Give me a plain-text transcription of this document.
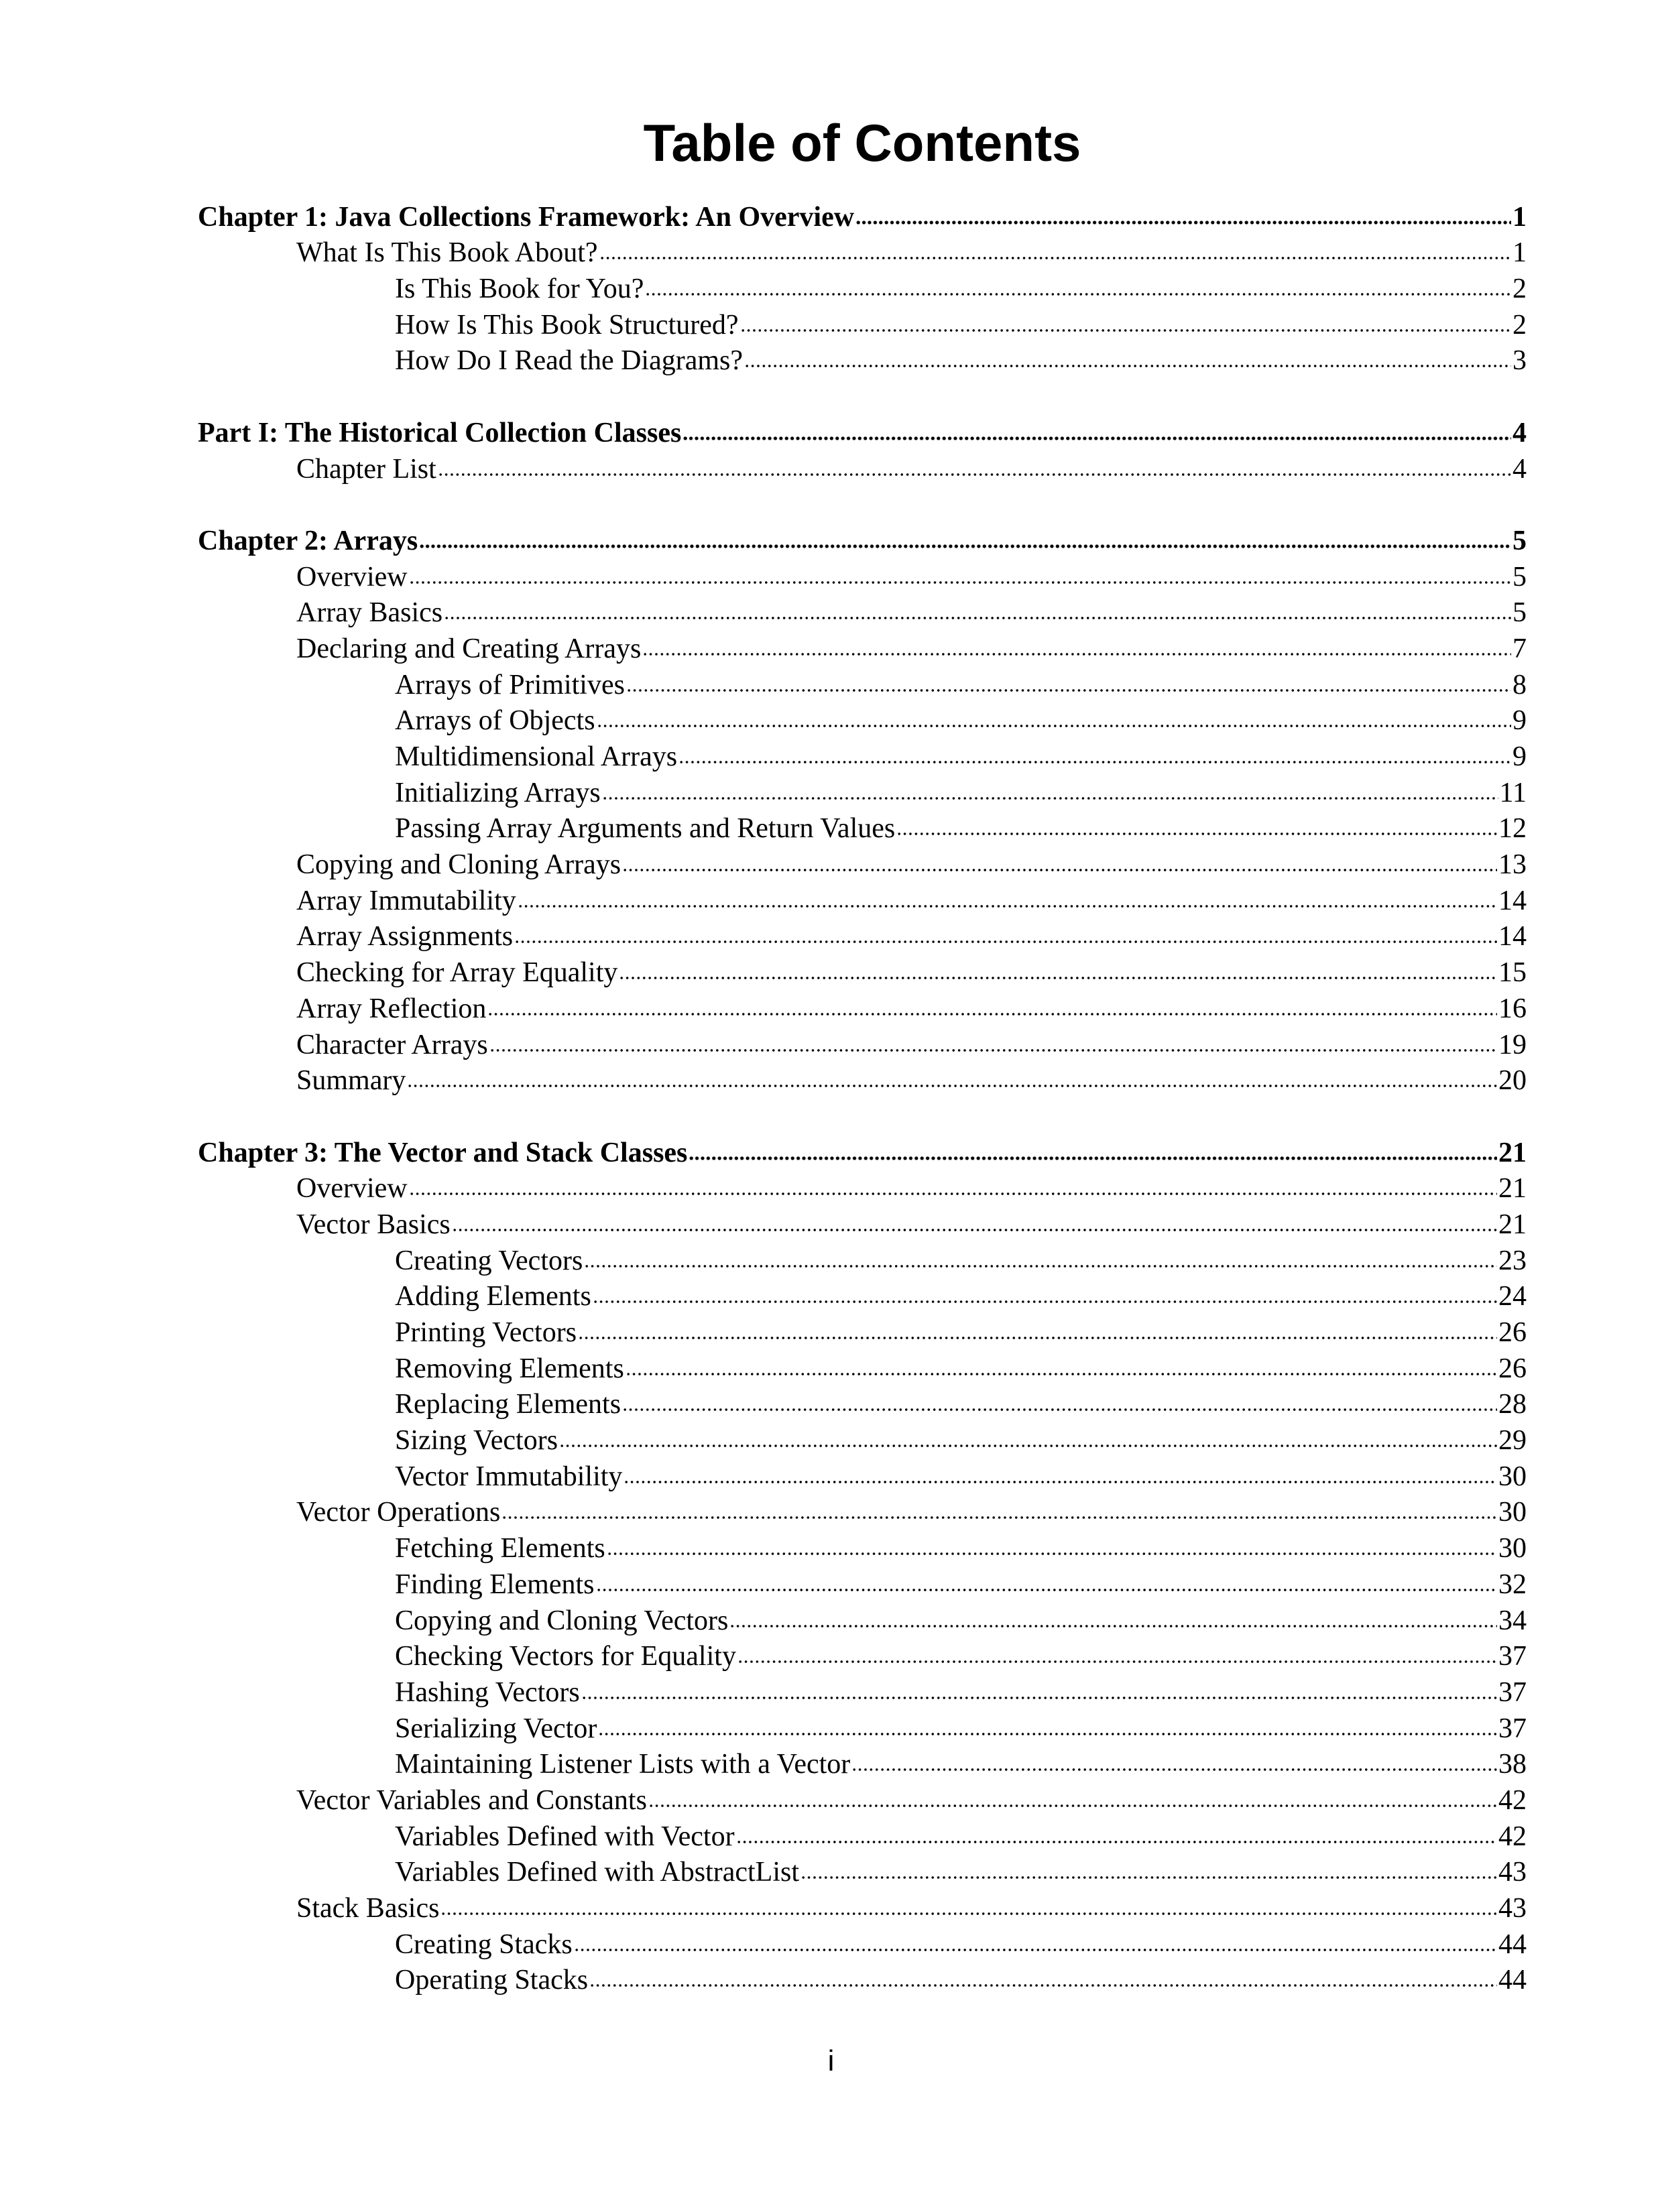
Table of Contents
Chapter 1: Java Collections Framework: An Overview	1
What Is This Book About?	1
Is This Book for You?	2
How Is This Book Structured?	2
How Do I Read the Diagrams?	3
Part I: The Historical Collection Classes	4
Chapter List	4
Chapter 2: Arrays	5
Overview	5
Array Basics	5
Declaring and Creating Arrays	7
Arrays of Primitives	8
Arrays of Objects	9
Multidimensional Arrays	9
Initializing Arrays	11
Passing Array Arguments and Return Values	12
Copying and Cloning Arrays	13
Array Immutability	14
Array Assignments	14
Checking for Array Equality	15
Array Reflection	16
Character Arrays	19
Summary	20
Chapter 3: The Vector and Stack Classes	21
Overview	21
Vector Basics	21
Creating Vectors	23
Adding Elements	24
Printing Vectors	26
Removing Elements	26
Replacing Elements	28
Sizing Vectors	29
Vector Immutability	30
Vector Operations	30
Fetching Elements	30
Finding Elements	32
Copying and Cloning Vectors	34
Checking Vectors for Equality	37
Hashing Vectors	37
Serializing Vector	37
Maintaining Listener Lists with a Vector	38
Vector Variables and Constants	42
Variables Defined with Vector	42
Variables Defined with AbstractList	43
Stack Basics	43
Creating Stacks	44
Operating Stacks	44
i
